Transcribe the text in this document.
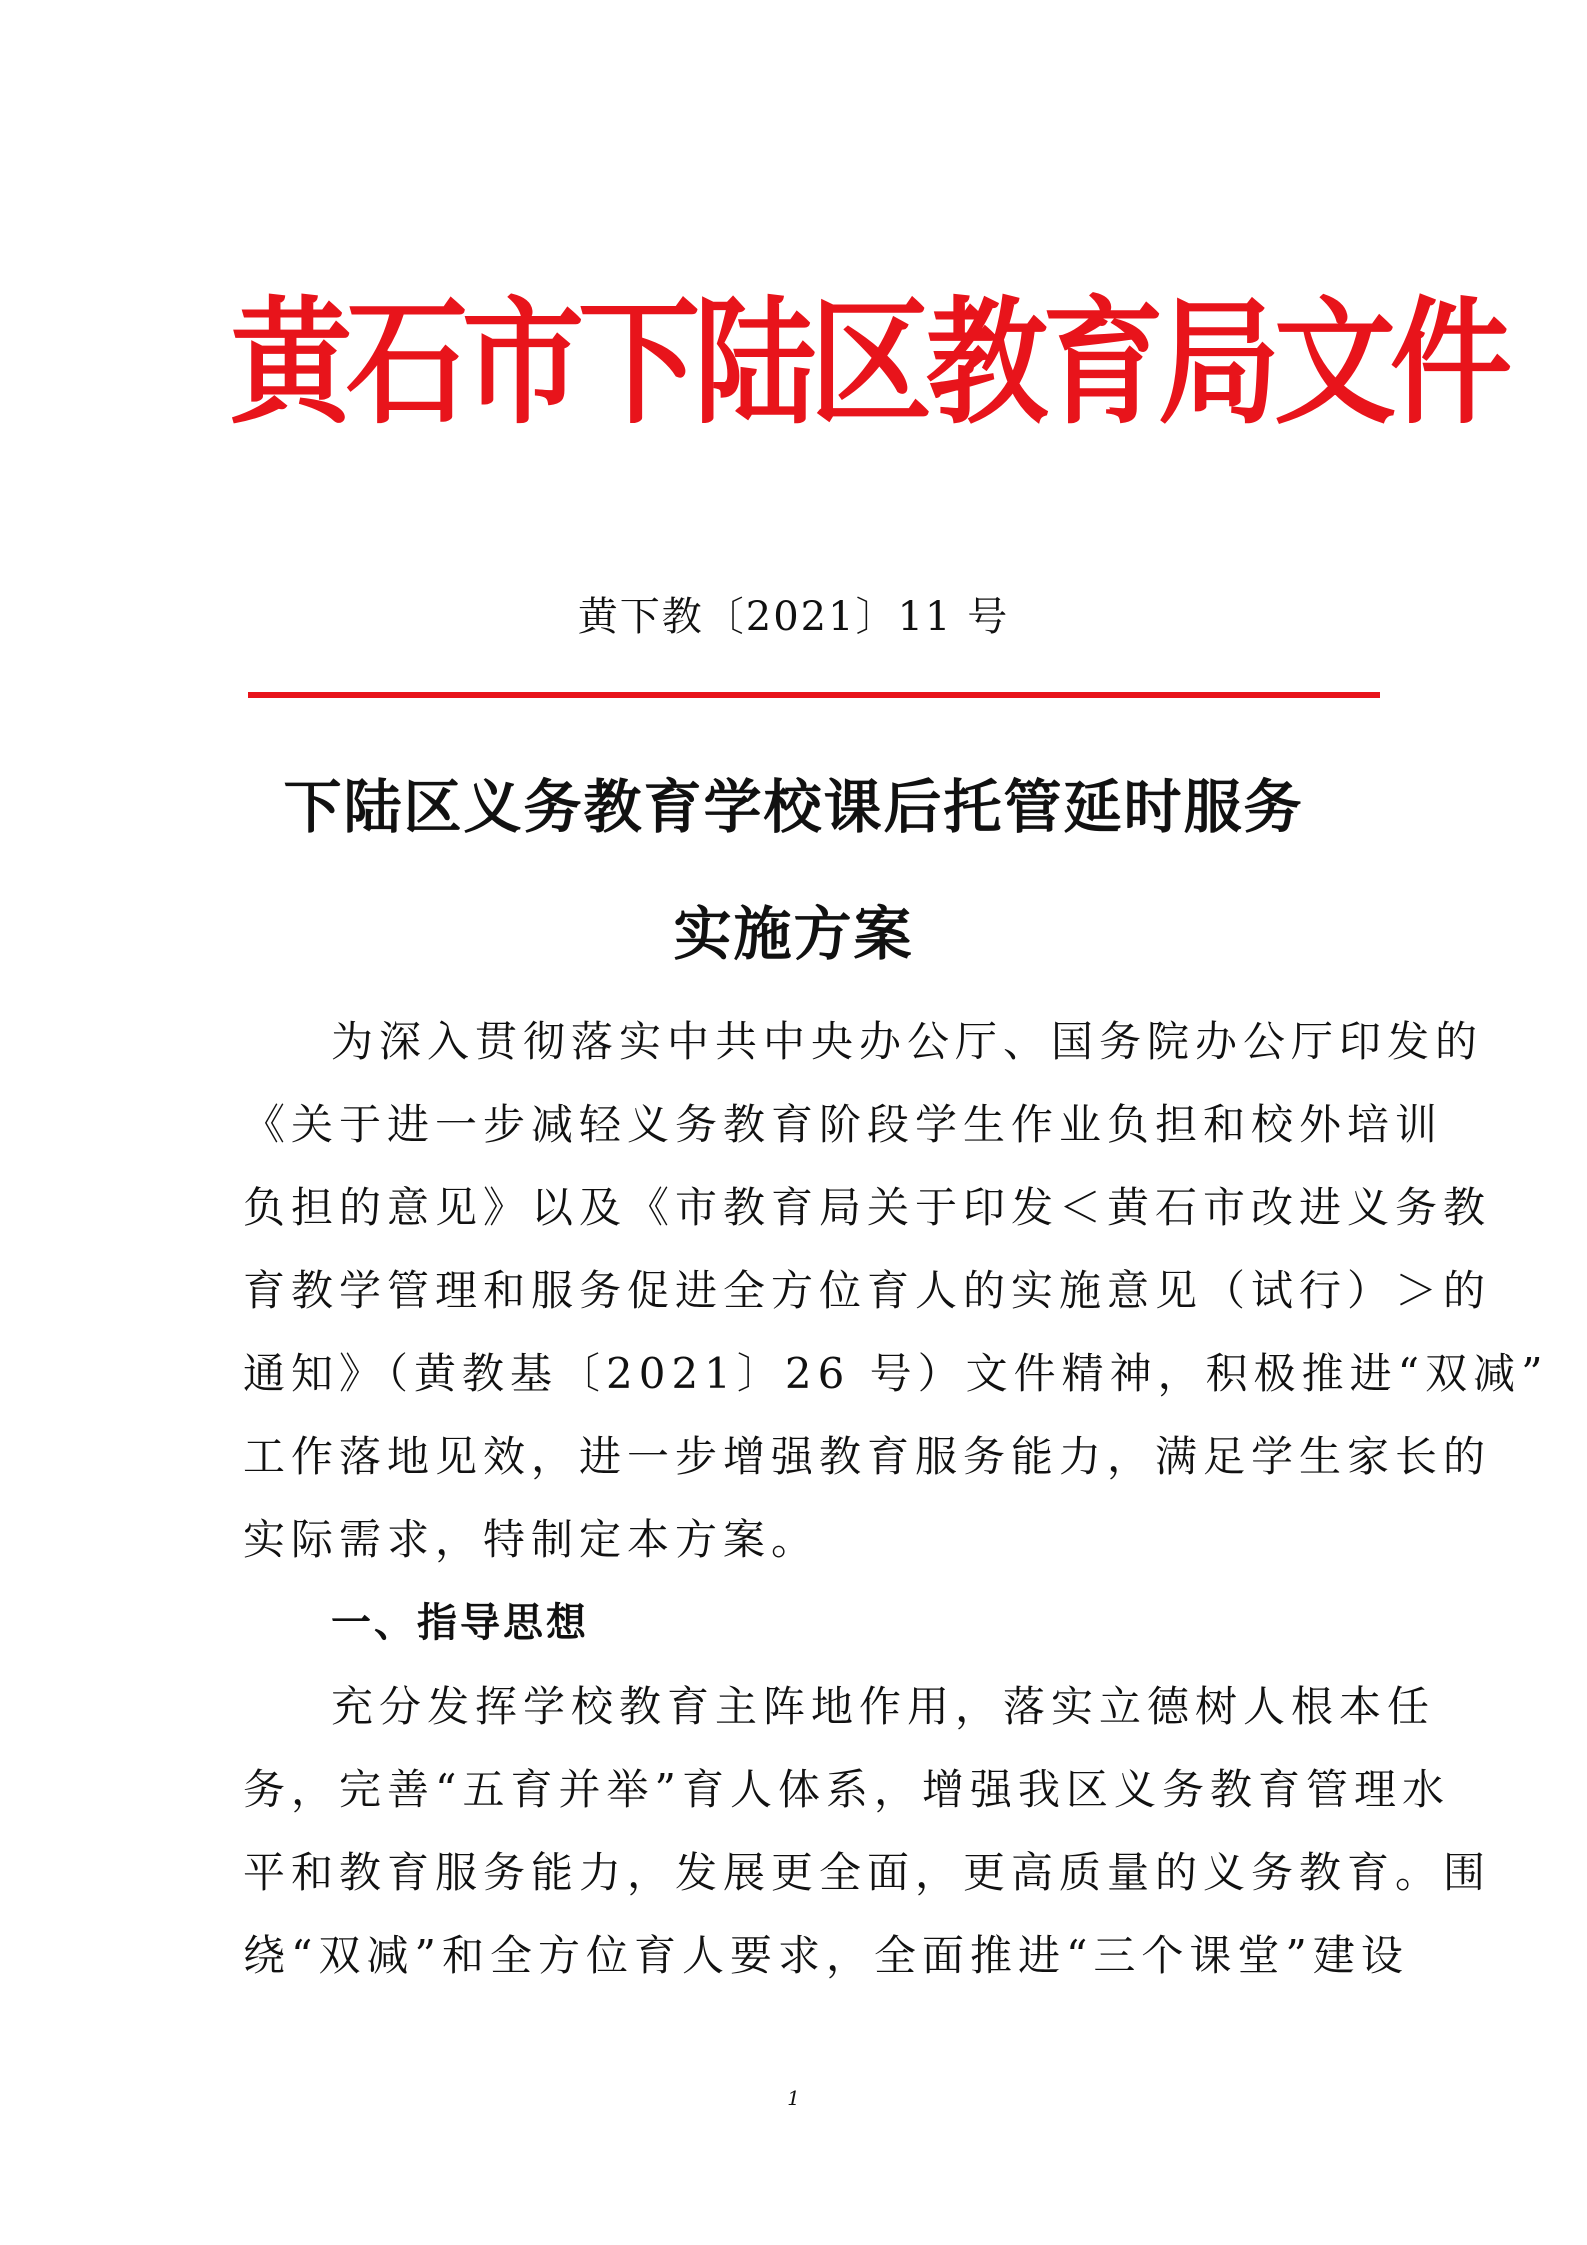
黄石市下陆区教育局文件
黄下教〔2021〕11 号
下陆区义务教育学校课后托管延时服务
实施方案
为深入贯彻落实中共中央办公厅、国务院办公厅印发的
《关于进一步减轻义务教育阶段学生作业负担和校外培训
负担的意见》以及《市教育局关于印发＜黄石市改进义务教
育教学管理和服务促进全方位育人的实施意见（试行）＞的
通知》（黄教基〔2021〕26 号）文件精神，积极推进“双减”
工作落地见效，进一步增强教育服务能力，满足学生家长的
实际需求，特制定本方案。
一、指导思想
充分发挥学校教育主阵地作用，落实立德树人根本任
务，完善“五育并举”育人体系，增强我区义务教育管理水
平和教育服务能力，发展更全面，更高质量的义务教育。围
绕“双减”和全方位育人要求，全面推进“三个课堂”建设
1
